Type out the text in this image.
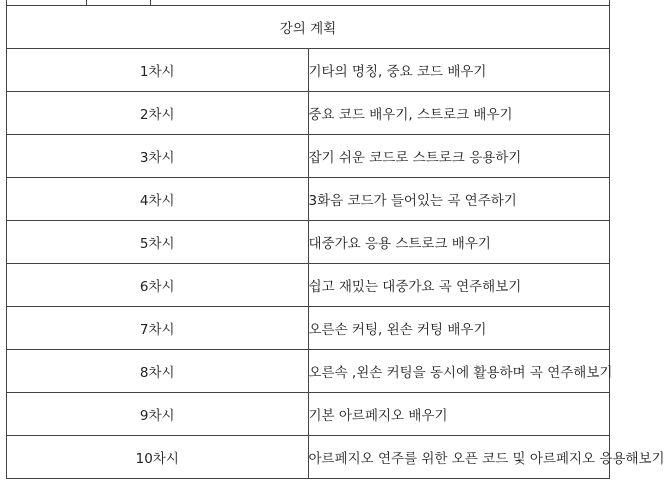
강의 계획	
1차시	기타의 명칭, 중요 코드 배우기
2차시	중요 코드 배우기, 스트로크 배우기
3차시	잡기 쉬운 코드로 스트로크 응용하기
4차시	3화음 코드가 들어있는 곡 연주하기
5차시	대중가요 응용 스트로크 배우기
6차시	쉽고 재밌는 대중가요 곡 연주해보기
7차시	오른손 커팅, 왼손 커팅 배우기
8차시	오른속 ,왼손 커팅을 동시에 활용하며 곡 연주해보기
9차시	기본 아르페지오 배우기
10차시	아르페지오 연주를 위한 오픈 코드 및 아르페지오 응용해보기
